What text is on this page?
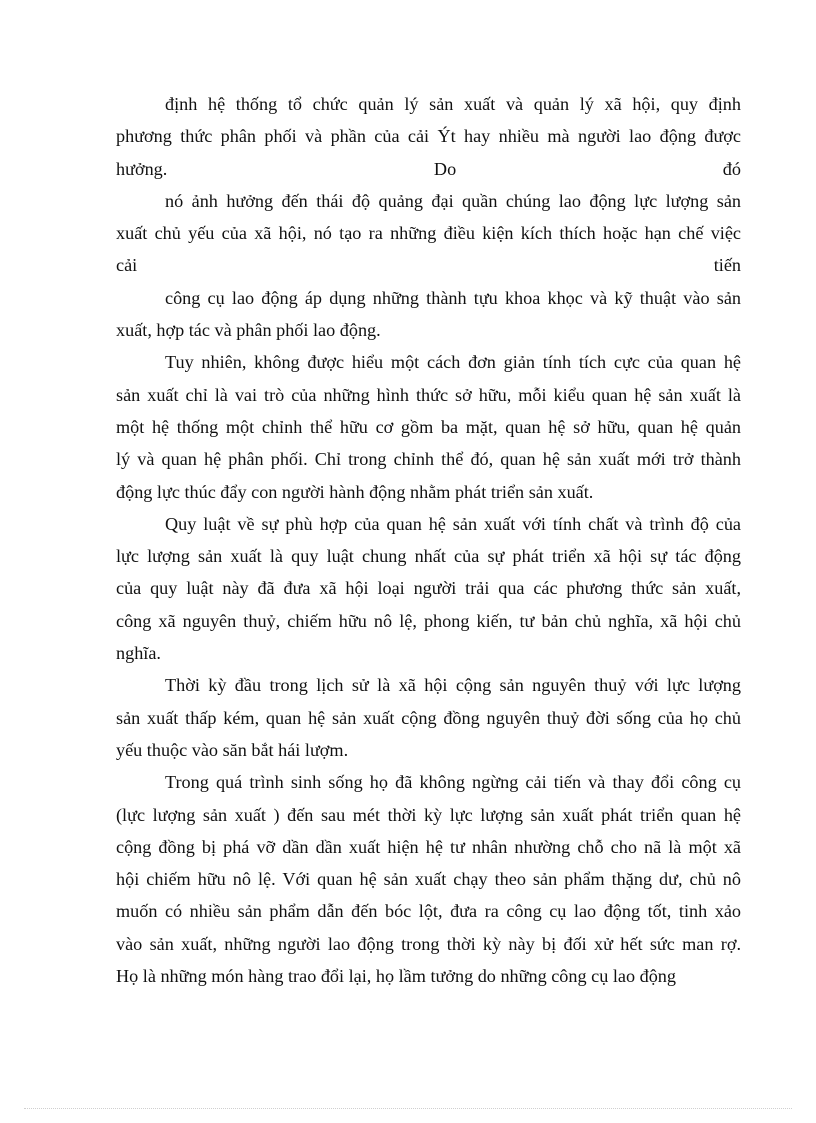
định hệ thống tổ chức quản lý sản xuất và quản lý xã hội, quy định
phương thức phân phối và phần của cải Ýt hay nhiều mà người lao động được
hưởng. Do đó
nó ảnh hưởng đến thái độ quảng đại quần chúng lao động lực lượng sản
xuất chủ yếu của xã hội, nó tạo ra những điều kiện kích thích hoặc hạn chế việc
cải tiến
công cụ lao động áp dụng những thành tựu khoa khọc và kỹ thuật vào sản
xuất, hợp tác và phân phối lao động.
Tuy nhiên, không được hiểu một cách đơn giản tính tích cực của quan hệ
sản xuất chỉ là vai trò của những hình thức sở hữu, mỗi kiểu quan hệ sản xuất là
một hệ thống một chỉnh thể hữu cơ gồm ba mặt, quan hệ sở hữu, quan hệ quản
lý và quan hệ phân phối. Chỉ trong chỉnh thể đó, quan hệ sản xuất mới trở thành
động lực thúc đẩy con người hành động nhằm phát triển sản xuất.
Quy luật về sự phù hợp của quan hệ sản xuất với tính chất và trình độ của
lực lượng sản xuất là quy luật chung nhất của sự phát triển xã hội sự tác động
của quy luật này đã đưa xã hội loại người trải qua các phương thức sản xuất,
công xã nguyên thuỷ, chiếm hữu nô lệ, phong kiến, tư bản chủ nghĩa, xã hội chủ
nghĩa.
Thời kỳ đầu trong lịch sử là xã hội cộng sản nguyên thuỷ với lực lượng
sản xuất thấp kém, quan hệ sản xuất cộng đồng nguyên thuỷ đời sống của họ chủ
yếu thuộc vào săn bắt hái lượm.
Trong quá trình sinh sống họ đã không ngừng cải tiến và thay đổi công cụ
(lực lượng sản xuất ) đến sau mét thời kỳ lực lượng sản xuất phát triển quan hệ
cộng đồng bị phá vỡ dần dần xuất hiện hệ tư nhân nhường chỗ cho nã là một xã
hội chiếm hữu nô lệ. Với quan hệ sản xuất chạy theo sản phẩm thặng dư, chủ nô
muốn có nhiều sản phẩm dẫn đến bóc lột, đưa ra công cụ lao động tốt, tinh xảo
vào sản xuất, những người lao động trong thời kỳ này bị đối xử hết sức man rợ.
Họ là những món hàng trao đổi lại, họ lầm tưởng do những công cụ lao động
